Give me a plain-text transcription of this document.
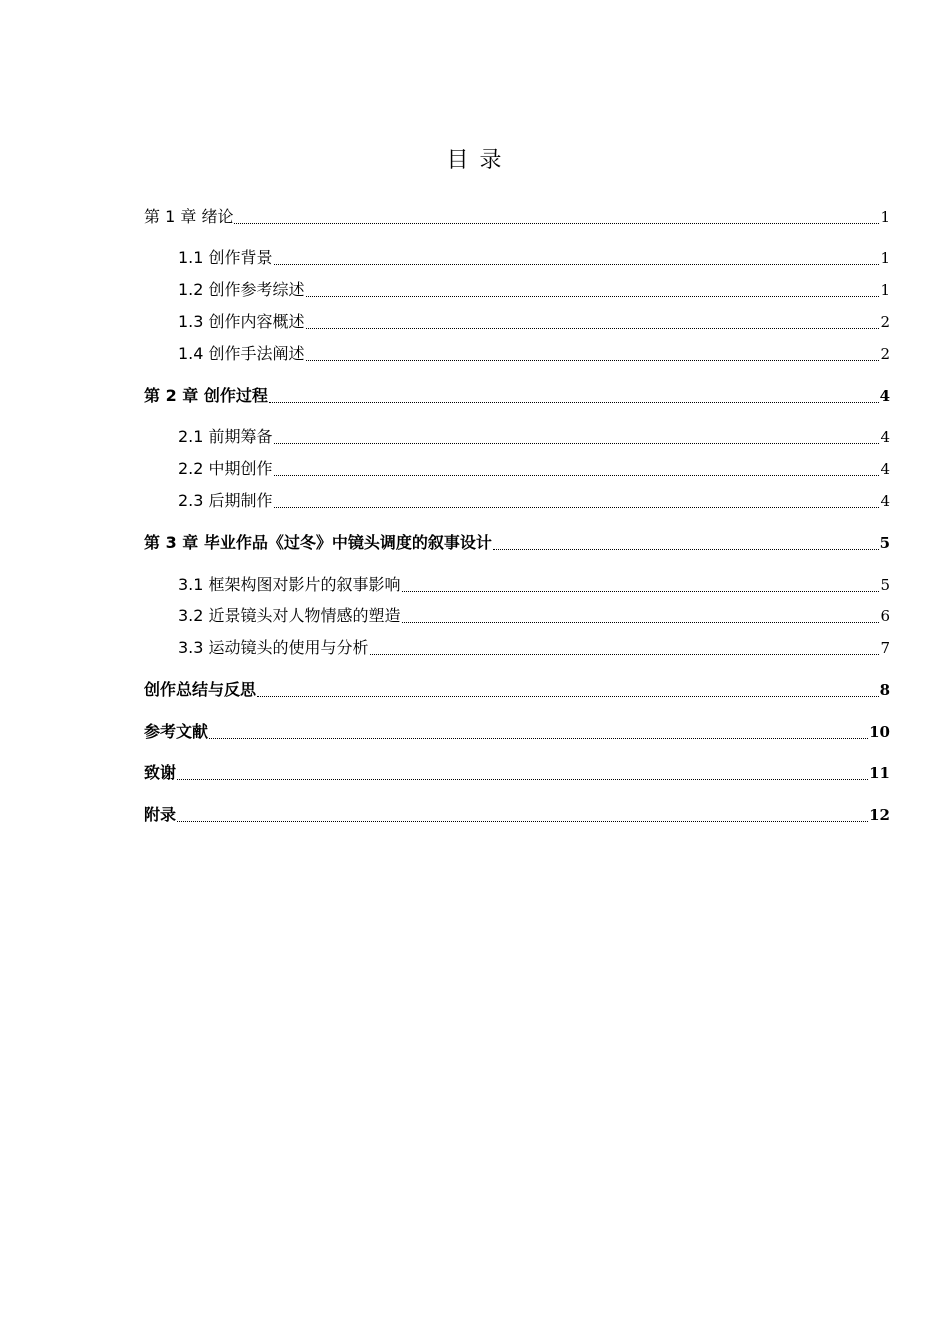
目 录
第 1 章 绪论	1
1.1 创作背景	1
1.2 创作参考综述	1
1.3 创作内容概述	2
1.4 创作手法阐述	2
第 2 章 创作过程	4
2.1 前期筹备	4
2.2 中期创作	4
2.3 后期制作	4
第 3 章 毕业作品《过冬》中镜头调度的叙事设计	5
3.1 框架构图对影片的叙事影响	5
3.2 近景镜头对人物情感的塑造	6
3.3 运动镜头的使用与分析	7
创作总结与反思	8
参考文献	10
致谢	11
附录	12
